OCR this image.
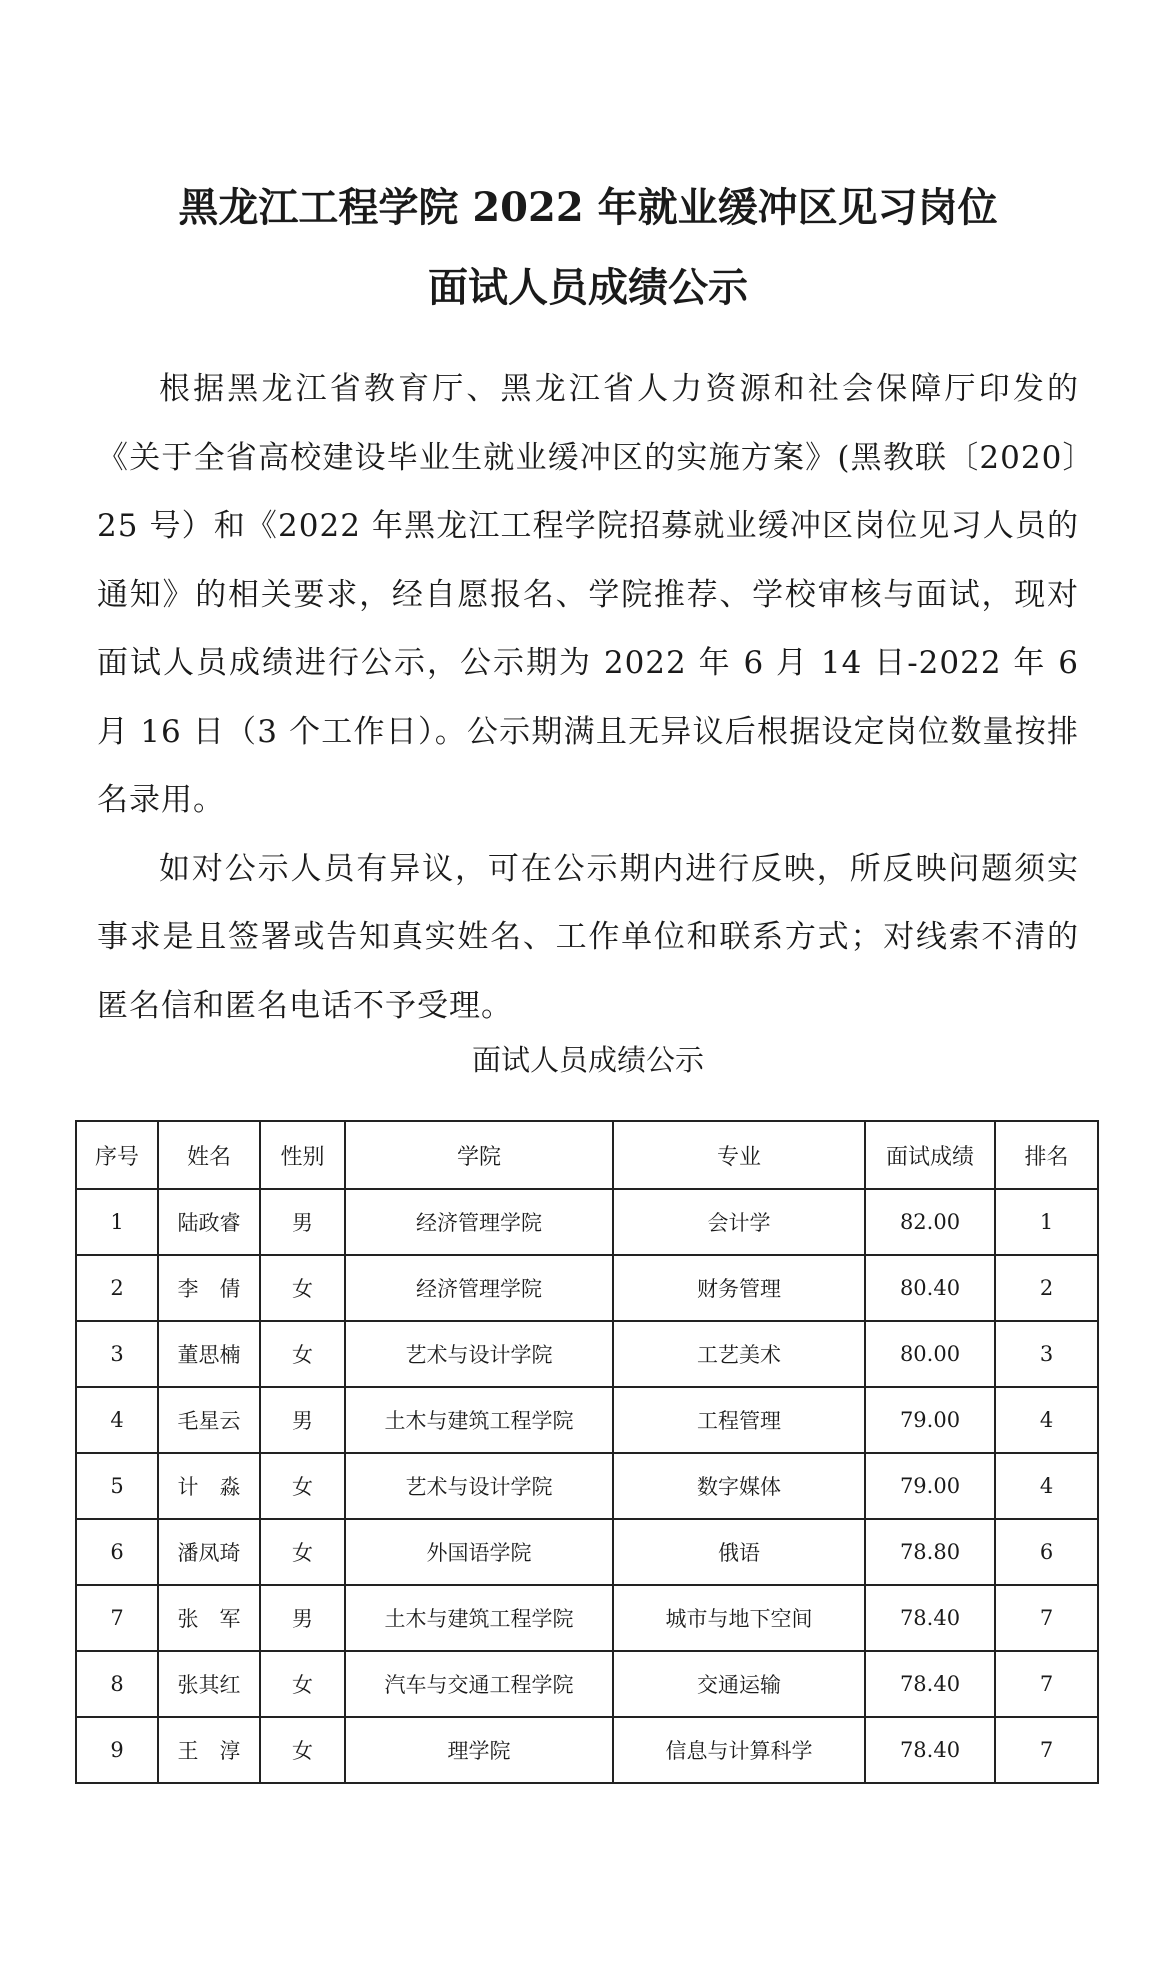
黑龙江工程学院 2022 年就业缓冲区见习岗位
面试人员成绩公示

根据黑龙江省教育厅、黑龙江省人力资源和社会保障厅印发的《关于全省高校建设毕业生就业缓冲区的实施方案》(黑教联〔2020〕25 号）和《2022 年黑龙江工程学院招募就业缓冲区岗位见习人员的通知》的相关要求，经自愿报名、学院推荐、学校审核与面试，现对面试人员成绩进行公示，公示期为 2022 年 6 月 14 日-2022 年 6 月 16 日（3 个工作日）。公示期满且无异议后根据设定岗位数量按排名录用。

如对公示人员有异议，可在公示期内进行反映，所反映问题须实事求是且签署或告知真实姓名、工作单位和联系方式；对线索不清的匿名信和匿名电话不予受理。

面试人员成绩公示
序号	姓名	性别	学院	专业	面试成绩	排名
1	陆政睿	男	经济管理学院	会计学	82.00	1
2	李　倩	女	经济管理学院	财务管理	80.40	2
3	董思楠	女	艺术与设计学院	工艺美术	80.00	3
4	毛星云	男	土木与建筑工程学院	工程管理	79.00	4
5	计　淼	女	艺术与设计学院	数字媒体	79.00	4
6	潘凤琦	女	外国语学院	俄语	78.80	6
7	张　军	男	土木与建筑工程学院	城市与地下空间	78.40	7
8	张其红	女	汽车与交通工程学院	交通运输	78.40	7
9	王　淳	女	理学院	信息与计算科学	78.40	7
